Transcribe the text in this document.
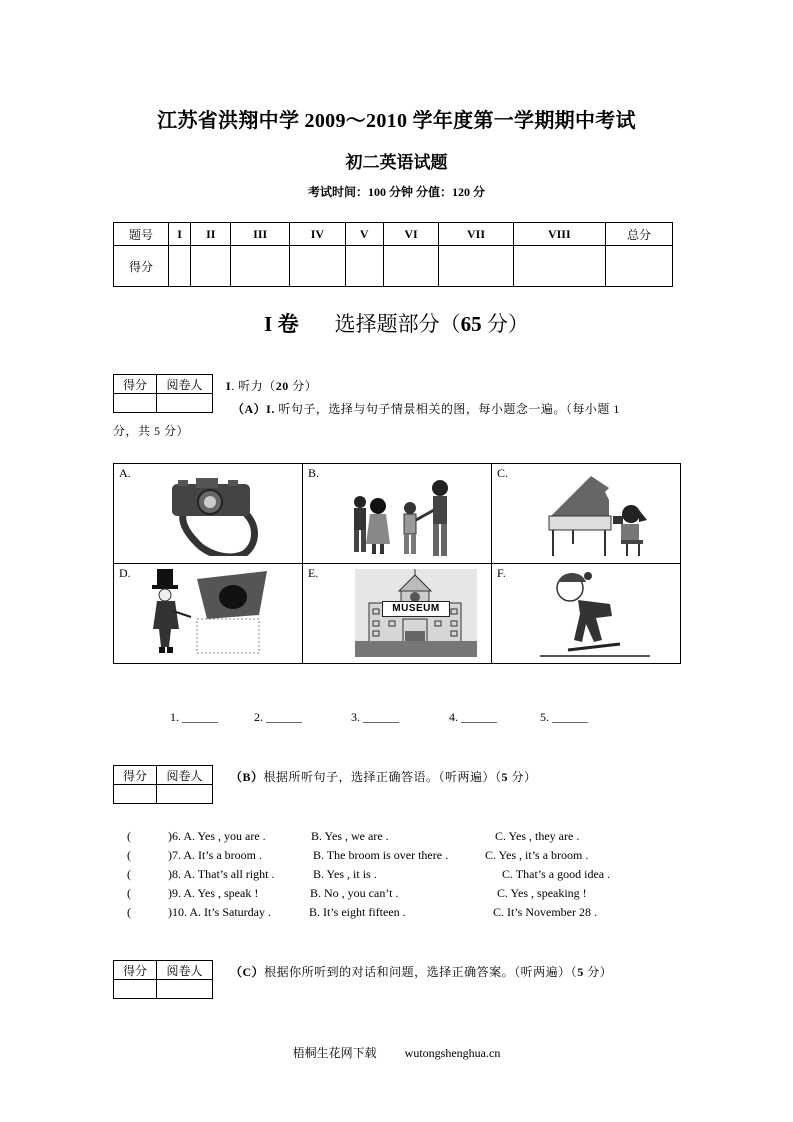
江苏省洪翔中学 2009～2010 学年度第一学期期中考试
初二英语试题
考试时间：100 分钟 分值：120 分
题号	I	II	III	IV	V	VI	VII	VIII	总分
得分									
I 卷 选择题部分（65 分）
得分	阅卷人
	I. 听力（20 分）
（A）I. 听句子，选择与句子情景相关的图，每小题念一遍。（每小题 1
分，共 5 分）
A.	B.	C.

D.	E.
MUSEUM	F.
1. ______	2. ______	3. ______	4. ______	5. ______
得分	阅卷人
	（B）根据所听句子，选择正确答语。（听两遍）（5 分）
(	)6. A. Yes , you are .	B. Yes , we are .	C. Yes , they are .
(	)7. A. It’s a broom .	B. The broom is over there .	C. Yes , it’s a broom .
(	)8. A. That’s all right .	B. Yes , it is .	C. That’s a good idea .
(	)9. A. Yes , speak !	B. No , you can’t .	C. Yes , speaking !
(	)10. A. It’s Saturday .	B. It’s eight fifteen .	C. It’s November 28 .
得分	阅卷人
	（C）根据你所听到的对话和问题，选择正确答案。（听两遍）（5 分）
梧桐生花网下载 wutongshenghua.cn
